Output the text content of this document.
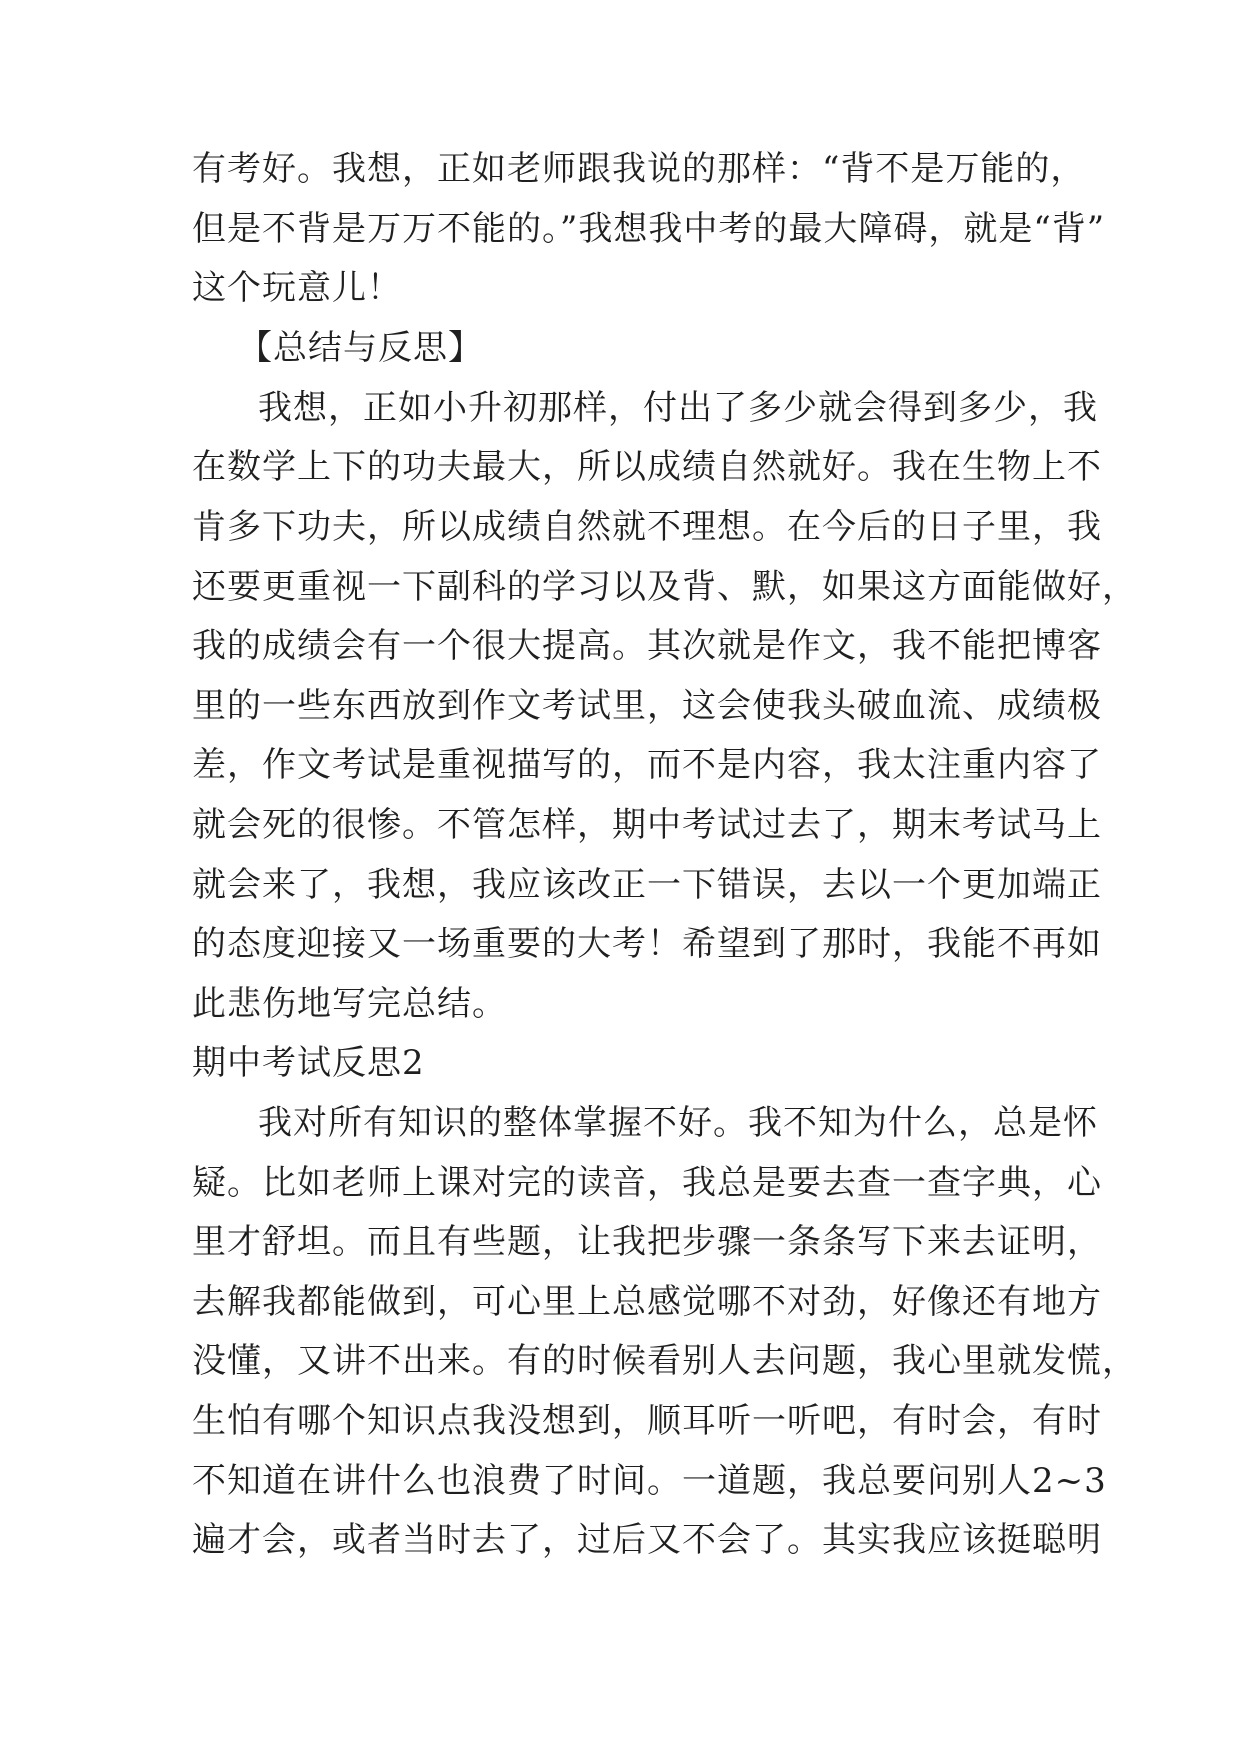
有考好。我想，正如老师跟我说的那样：“背不是万能的，
但是不背是万万不能的。”我想我中考的最大障碍，就是“背”
这个玩意儿！
【总结与反思】
我想，正如小升初那样，付出了多少就会得到多少，我
在数学上下的功夫最大，所以成绩自然就好。我在生物上不
肯多下功夫，所以成绩自然就不理想。在今后的日子里，我
还要更重视一下副科的学习以及背、默，如果这方面能做好，
我的成绩会有一个很大提高。其次就是作文，我不能把博客
里的一些东西放到作文考试里，这会使我头破血流、成绩极
差，作文考试是重视描写的，而不是内容，我太注重内容了
就会死的很惨。不管怎样，期中考试过去了，期末考试马上
就会来了，我想，我应该改正一下错误，去以一个更加端正
的态度迎接又一场重要的大考！希望到了那时，我能不再如
此悲伤地写完总结。
期中考试反思2
我对所有知识的整体掌握不好。我不知为什么，总是怀
疑。比如老师上课对完的读音，我总是要去查一查字典，心
里才舒坦。而且有些题，让我把步骤一条条写下来去证明，
去解我都能做到，可心里上总感觉哪不对劲，好像还有地方
没懂，又讲不出来。有的时候看别人去问题，我心里就发慌，
生怕有哪个知识点我没想到，顺耳听一听吧，有时会，有时
不知道在讲什么也浪费了时间。一道题，我总要问别人2~3
遍才会，或者当时去了，过后又不会了。其实我应该挺聪明
